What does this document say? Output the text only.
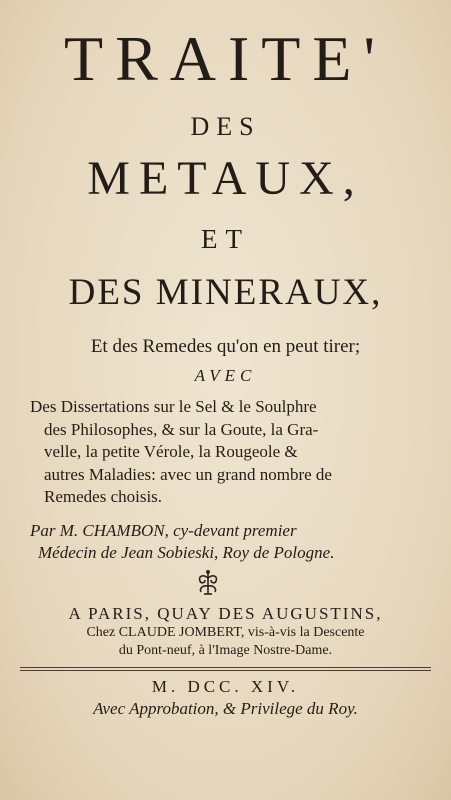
TRAITE'
DES
METAUX,
ET
DES MINERAUX,
Et des Remedes qu'on en peut tirer;
AVEC
Des Dissertations sur le Sel & le Soulphre
des Philosophes, & sur la Goute, la Gra-
velle, la petite Vérole, la Rougeole &
autres Maladies: avec un grand nombre de
Remedes choisis.
Par M. CHAMBON, cy-devant premier
Médecin de Jean Sobieski, Roy de Pologne.
A PARIS, QUAY DES AUGUSTINS,
Chez CLAUDE JOMBERT, vis-à-vis la Descente
du Pont-neuf, à l'Image Nostre-Dame.
M. DCC. XIV.
Avec Approbation, & Privilege du Roy.
